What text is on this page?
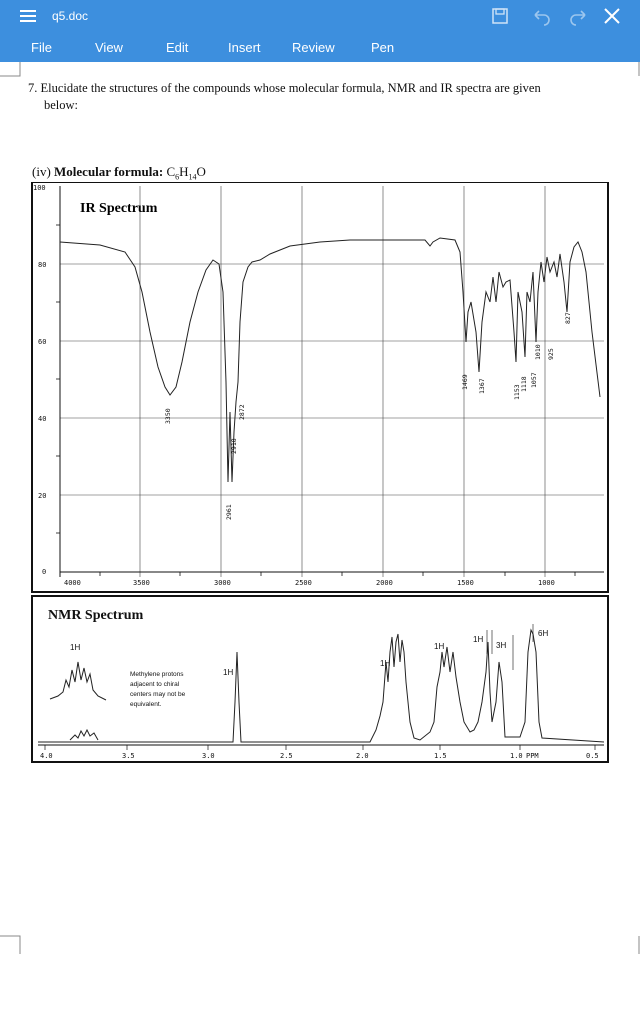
q5.doc
File	View	Edit	Insert Review	Pen
7. Elucidate the structures of the compounds whose molecular formula, NMR and IR spectra are given
below:
(iv) Molecular formula: $C_6H_{14}O$
100
80
60
40
20
0
4000	3500	3000	2500	2000	1500	1000
IR Spectrum
3350
2961
2918
2872
1469 1367	1153
1118 1057
1010 925
827
NMR Spectrum
4.0	3.5	3.0	2.5	2.0	1.5	1.0 PPM	0.5
1H
1H
1H
1H
1H
3H
6H
Methylene protons
adjacent to chiral
centers may not be
equivalent.
